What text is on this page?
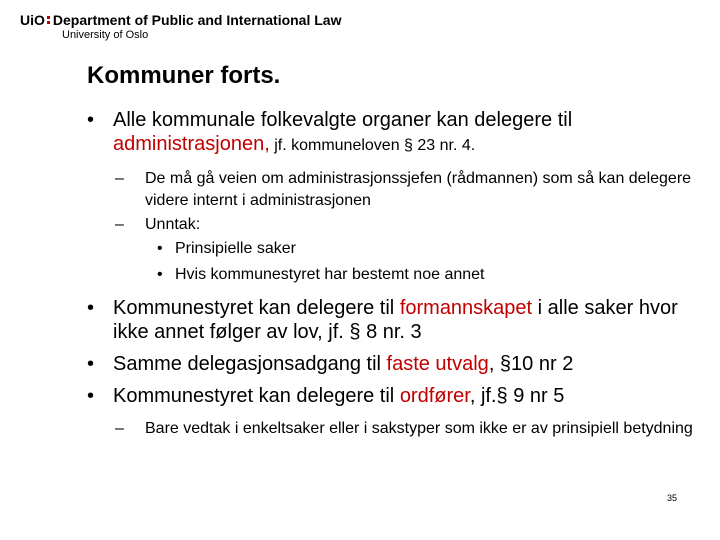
UiO Department of Public and International Law
University of Oslo
Kommuner forts.
• Alle kommunale folkevalgte organer kan delegere til administrasjonen, jf. kommuneloven § 23 nr. 4.
– De må gå veien om administrasjonssjefen (rådmannen) som så kan delegere videre internt i administrasjonen
– Unntak:
• Prinsipielle saker
• Hvis kommunestyret har bestemt noe annet
• Kommunestyret kan delegere til formannskapet i alle saker hvor ikke annet følger av lov, jf. § 8 nr. 3
• Samme delegasjonsadgang til faste utvalg, §10 nr 2
• Kommunestyret kan delegere til ordfører, jf.§ 9 nr 5
– Bare vedtak i enkeltsaker eller i sakstyper som ikke er av prinsipiell betydning
35
